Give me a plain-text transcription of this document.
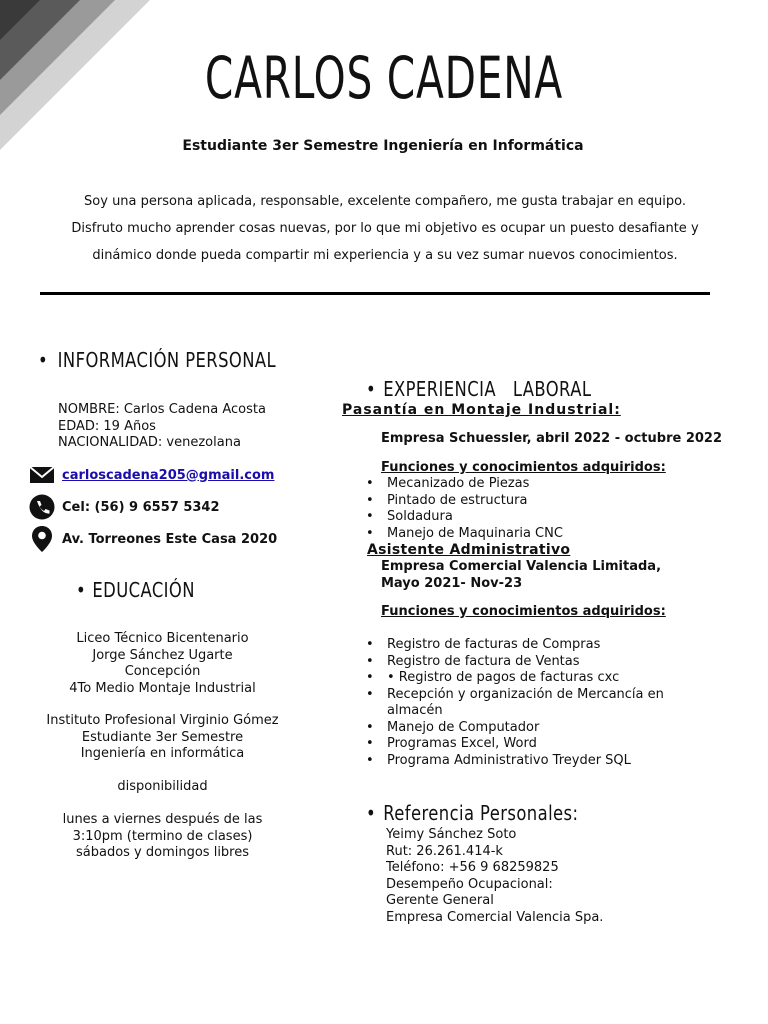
CARLOS CADENA
Estudiante 3er Semestre Ingeniería en Informática
Soy una persona aplicada, responsable, excelente compañero, me gusta trabajar en equipo. Disfruto mucho aprender cosas nuevas, por lo que mi objetivo es ocupar un puesto desafiante y dinámico donde pueda compartir mi experiencia y a su vez sumar nuevos conocimientos.
• INFORMACIÓN PERSONAL
NOMBRE: Carlos Cadena Acosta
EDAD: 19 Años
NACIONALIDAD: venezolana
carloscadena205@gmail.com
Cel: (56) 9 6557 5342
Av. Torreones Este Casa 2020
• EDUCACIÓN
Liceo Técnico Bicentenario
Jorge Sánchez Ugarte
Concepción
4To Medio Montaje Industrial
Instituto Profesional Virginio Gómez
Estudiante 3er Semestre
Ingeniería en informática
disponibilidad
lunes a viernes después de las
3:10pm (termino de clases)
sábados y domingos libres
• EXPERIENCIA   LABORAL
Pasantía en Montaje Industrial:
Empresa Schuessler, abril 2022 - octubre 2022
Funciones y conocimientos adquiridos:
• Mecanizado de Piezas
• Pintado de estructura
• Soldadura
• Manejo de Maquinaria CNC
Asistente Administrativo
Empresa Comercial Valencia Limitada,
Mayo 2021- Nov-23
Funciones y conocimientos adquiridos:
• Registro de facturas de Compras
• Registro de factura de Ventas
• • Registro de pagos de facturas cxc
• Recepción y organización de Mercancía en almacén
• Manejo de Computador
• Programas Excel, Word
• Programa Administrativo Treyder SQL
• Referencia Personales:
Yeimy Sánchez Soto
Rut: 26.261.414-k
Teléfono: +56 9 68259825
Desempeño Ocupacional:
Gerente General
Empresa Comercial Valencia Spa.
